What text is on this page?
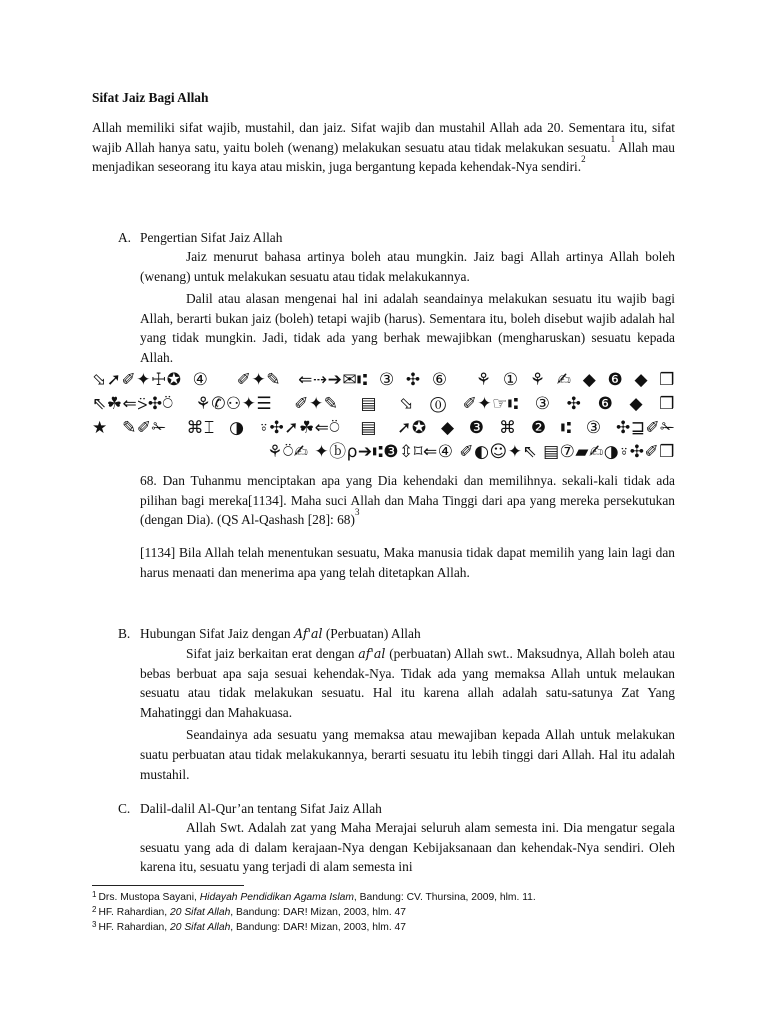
Sifat Jaiz Bagi Allah
Allah memiliki sifat wajib, mustahil, dan jaiz. Sifat wajib dan mustahil Allah ada 20. Sementara itu, sifat wajib Allah hanya satu, yaitu boleh (wenang) melakukan sesuatu atau tidak melakukan sesuatu.$^1$ Allah mau menjadikan seseorang itu kaya atau miskin, juga bergantung kepada kehendak-Nya sendiri.$^2$
A. Pengertian Sifat Jaiz Allah

Jaiz menurut bahasa artinya boleh atau mungkin. Jaiz bagi Allah artinya Allah boleh (wenang) untuk melakukan sesuatu atau tidak melakukannya.

Dalil atau alasan mengenai hal ini adalah seandainya melakukan sesuatu itu wajib bagi Allah, berarti bukan jaiz (boleh) tetapi wajib (harus). Sementara itu, boleh disebut wajib adalah hal yang tidak mungkin. Jadi, tidak ada yang berhak mewajibkan (mengharuskan) sesuatu kepada Allah.

⬂➚✐✦☩✪④ ✐✦✎ ⇐⇢➔✉⑆③✣⑥ ⚘①⚘✍◆❻◆❒
⇖☘⇐⍩✣⍥ ⚘✆⚇✦☰ ✐✦✎ ▤ ⬂⓪✐✦☞⑆③✣❻◆❒
★✎✐✁ ⌘⌶◑⍤✣➚☘⇐⍥ ▤ ➚✪◆❸⌘❷⑆③✣⊒✐✁
⚘⍥✍ ✦ⓑ⍴➔⑆❸⇳⌑⇐④ ✐◐☺✦⇖ ▤⑦▰✍◑⍤✣✐❒
68. Dan Tuhanmu menciptakan apa yang Dia kehendaki dan memilihnya. sekali-kali tidak ada pilihan bagi mereka[1134]. Maha suci Allah dan Maha Tinggi dari apa yang mereka persekutukan (dengan Dia). (QS Al-Qashash [28]: 68)$^3$
[1134] Bila Allah telah menentukan sesuatu, Maka manusia tidak dapat memilih yang lain lagi dan harus menaati dan menerima apa yang telah ditetapkan Allah.
B. Hubungan Sifat Jaiz dengan Af'al (Perbuatan) Allah

Sifat jaiz berkaitan erat dengan af'al (perbuatan) Allah swt.. Maksudnya, Allah boleh atau bebas berbuat apa saja sesuai kehendak-Nya. Tidak ada yang memaksa Allah untuk melaukan sesuatu atau tidak melakukan sesuatu. Hal itu karena allah adalah satu-satunya Zat Yang Mahatinggi dan Mahakuasa.

Seandainya ada sesuatu yang memaksa atau mewajiban kepada Allah untuk melakukan suatu perbuatan atau tidak melakukannya, berarti sesuatu itu lebih tinggi dari Allah. Hal itu adalah mustahil.

C. Dalil-dalil Al-Qur’an tentang Sifat Jaiz Allah

Allah Swt. Adalah zat yang Maha Merajai seluruh alam semesta ini. Dia mengatur segala sesuatu yang ada di dalam kerajaan-Nya dengan Kebijaksanaan dan kehendak-Nya sendiri. Oleh karena itu, sesuatu yang terjadi di alam semesta ini

$^1$ Drs. Mustopa Sayani, Hidayah Pendidikan Agama Islam, Bandung: CV. Thursina, 2009, hlm. 11.
$^2$ HF. Rahardian, 20 Sifat Allah, Bandung: DAR! Mizan, 2003, hlm. 47
$^3$ HF. Rahardian, 20 Sifat Allah, Bandung: DAR! Mizan, 2003, hlm. 47
